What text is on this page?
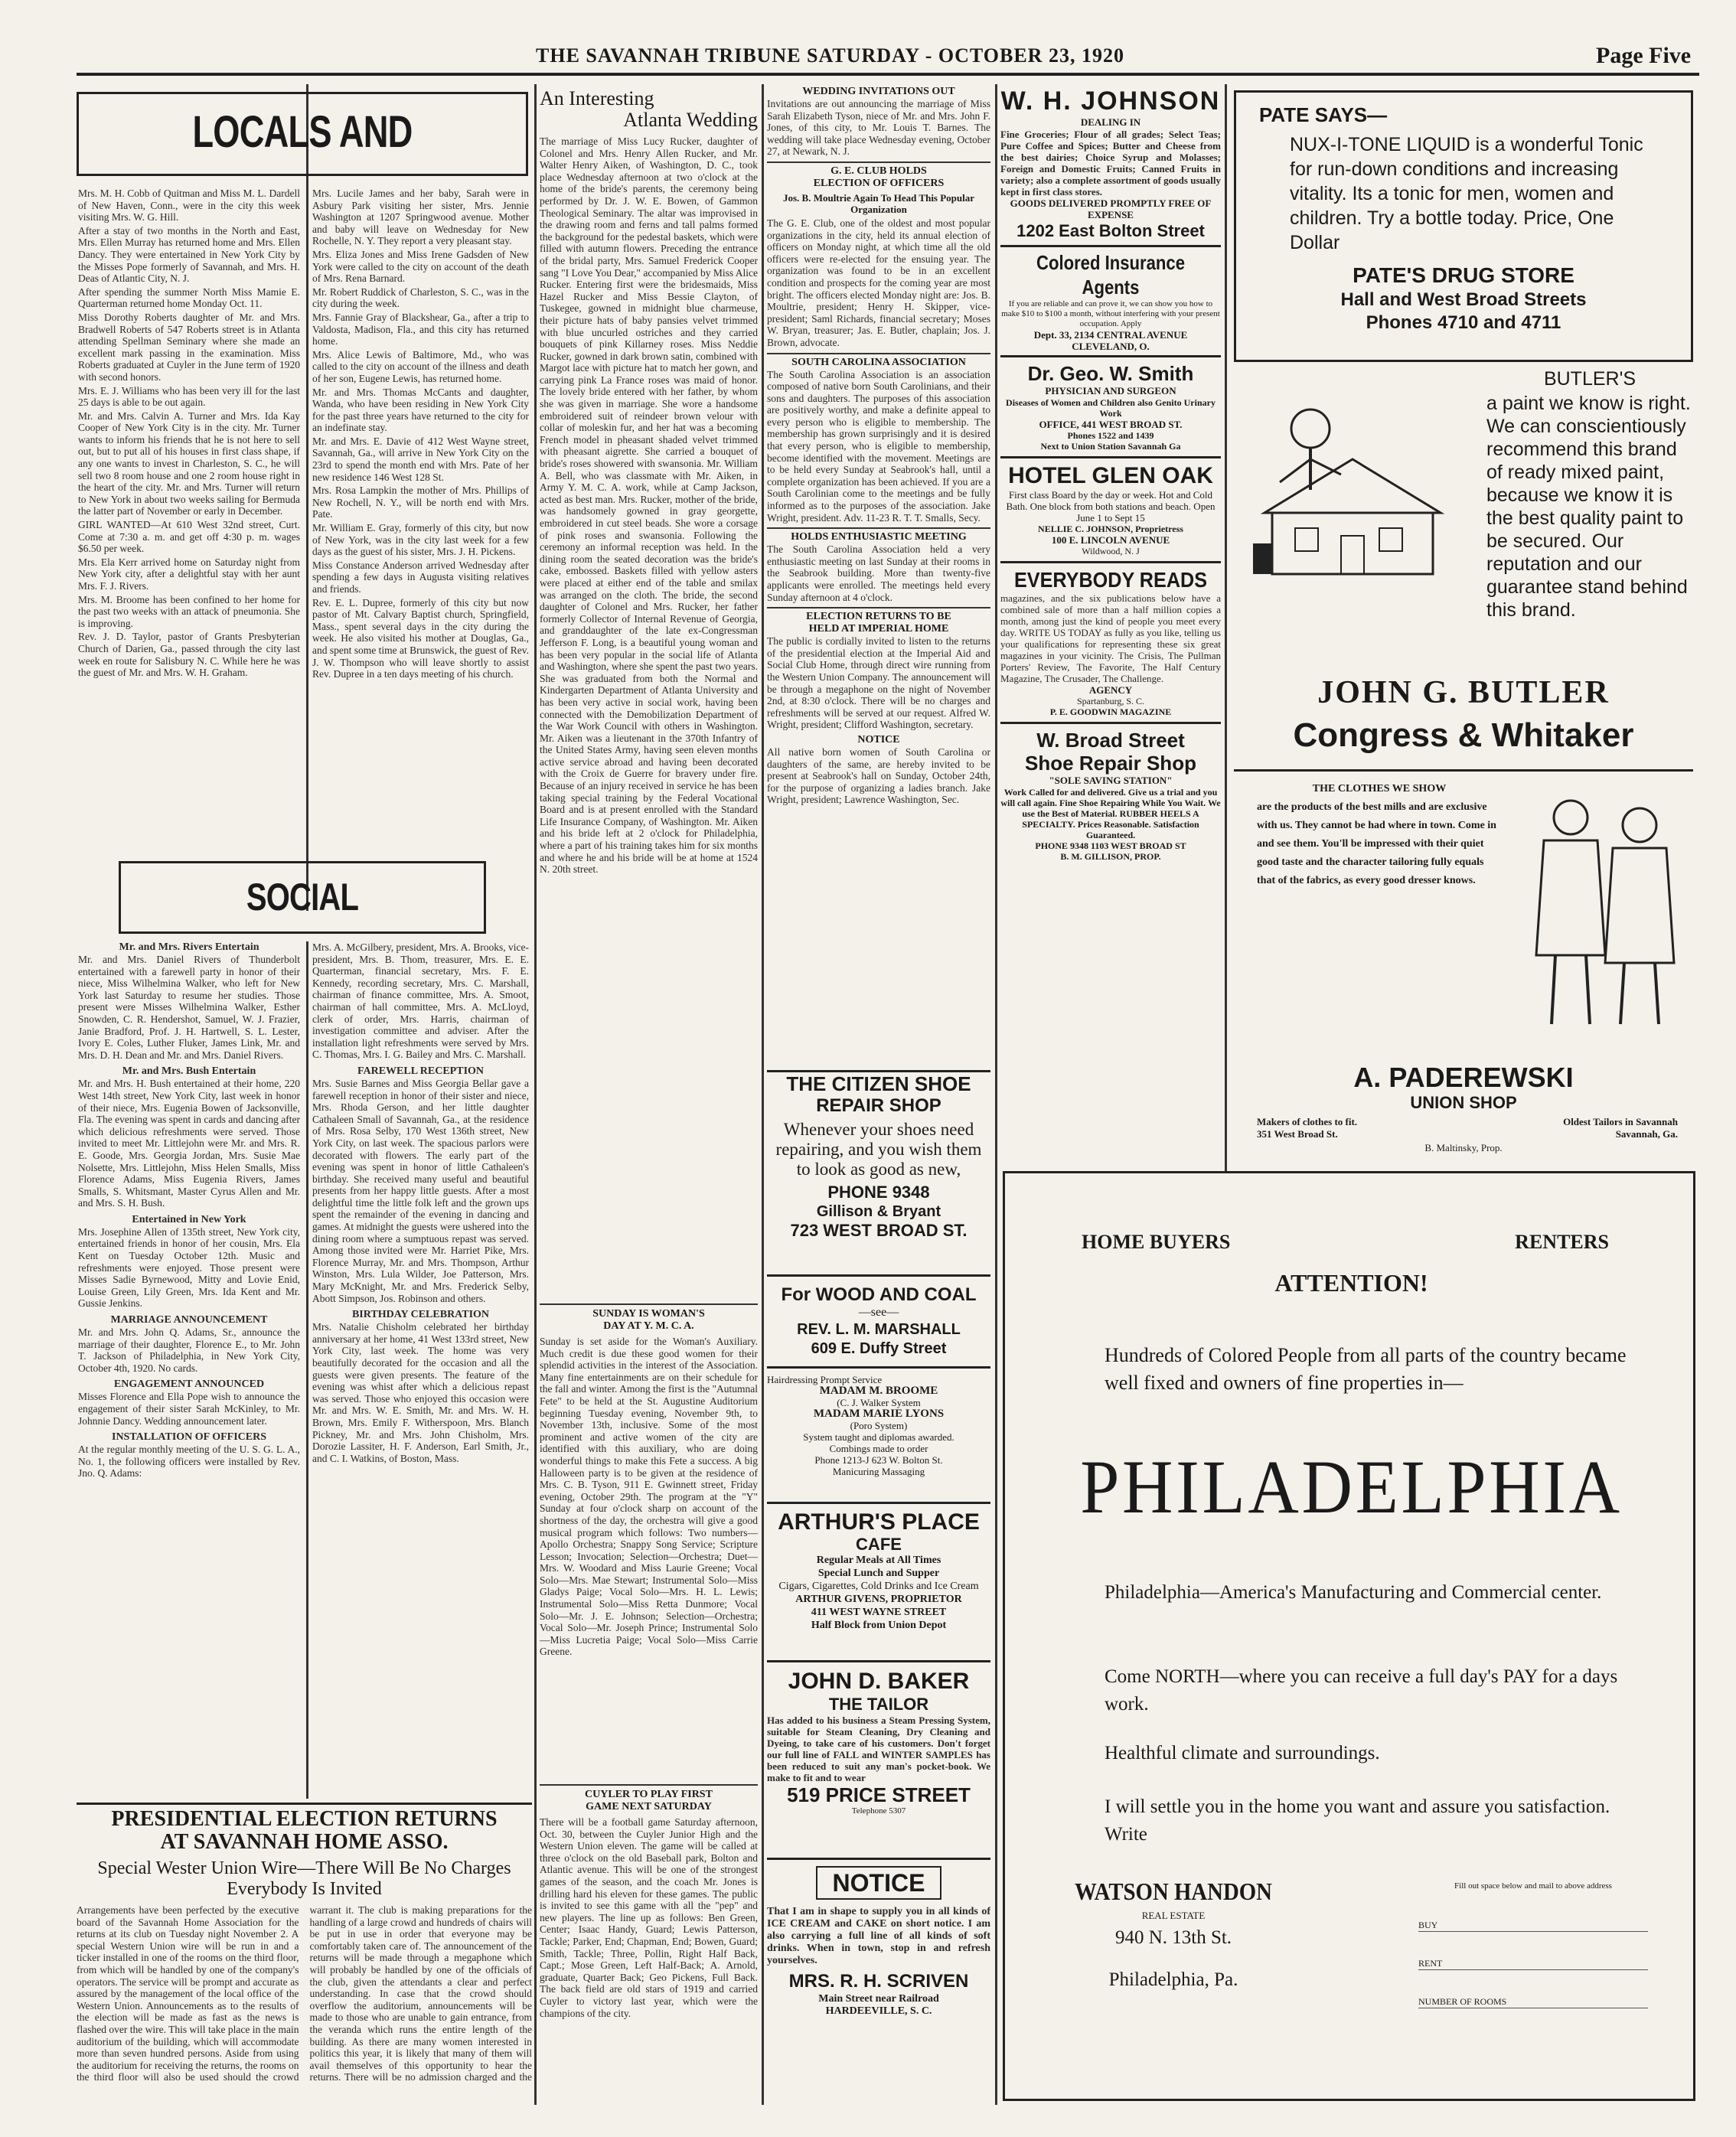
THE SAVANNAH TRIBUNE SATURDAY - OCTOBER 23, 1920	Page Five
LOCALS AND

Mrs. M. H. Cobb of Quitman and Miss M. L. Dardell of New Haven, Conn., were in the city this week visiting Mrs. W. G. Hill.

After a stay of two months in the North and East, Mrs. Ellen Murray has returned home and Mrs. Ellen Dancy. They were entertained in New York City by the Misses Pope formerly of Savannah, and Mrs. H. Deas of Atlantic City, N. J.

After spending the summer North Miss Mamie E. Quarterman returned home Monday Oct. 11.

Miss Dorothy Roberts daughter of Mr. and Mrs. Bradwell Roberts of 547 Roberts street is in Atlanta attending Spellman Seminary where she made an excellent mark passing in the examination. Miss Roberts graduated at Cuyler in the June term of 1920 with second honors.

Mrs. E. J. Williams who has been very ill for the last 25 days is able to be out again.

Mr. and Mrs. Calvin A. Turner and Mrs. Ida Kay Cooper of New York City is in the city. Mr. Turner wants to inform his friends that he is not here to sell out, but to put all of his houses in first class shape, if any one wants to invest in Charleston, S. C., he will sell two 8 room house and one 2 room house right in the heart of the city. Mr. and Mrs. Turner will return to New York in about two weeks sailing for Bermuda the latter part of November or early in December.

GIRL WANTED—At 610 West 32nd street, Curt. Come at 7:30 a. m. and get off 4:30 p. m. wages $6.50 per week.

Mrs. Ela Kerr arrived home on Saturday night from New York city, after a delightful stay with her aunt Mrs. F. J. Rivers.

Mrs. M. Broome has been confined to her home for the past two weeks with an attack of pneumonia. She is improving.

Rev. J. D. Taylor, pastor of Grants Presbyterian Church of Darien, Ga., passed through the city last week en route for Salisbury N. C. While here he was the guest of Mr. and Mrs. W. H. Graham.

Mrs. Lucile James and her baby, Sarah were in Asbury Park visiting her sister, Mrs. Jennie Washington at 1207 Springwood avenue. Mother and baby will leave on Wednesday for New Rochelle, N. Y. They report a very pleasant stay.

Mrs. Eliza Jones and Miss Irene Gadsden of New York were called to the city on account of the death of Mrs. Rena Barnard.

Mr. Robert Ruddick of Charleston, S. C., was in the city during the week.

Mrs. Fannie Gray of Blackshear, Ga., after a trip to Valdosta, Madison, Fla., and this city has returned home.

Mrs. Alice Lewis of Baltimore, Md., who was called to the city on account of the illness and death of her son, Eugene Lewis, has returned home.

Mr. and Mrs. Thomas McCants and daughter, Wanda, who have been residing in New York City for the past three years have returned to the city for an indefinate stay.

Mr. and Mrs. E. Davie of 412 West Wayne street, Savannah, Ga., will arrive in New York City on the 23rd to spend the month end with Mrs. Pate of her new residence 146 West 128 St.

Mrs. Rosa Lampkin the mother of Mrs. Phillips of New Rochell, N. Y., will be north end with Mrs. Pate.

Mr. William E. Gray, formerly of this city, but now of New York, was in the city last week for a few days as the guest of his sister, Mrs. J. H. Pickens.

Miss Constance Anderson arrived Wednesday after spending a few days in Augusta visiting relatives and friends.

Rev. E. L. Dupree, formerly of this city but now pastor of Mt. Calvary Baptist church, Springfield, Mass., spent several days in the city during the week. He also visited his mother at Douglas, Ga., and spent some time at Brunswick, the guest of Rev. J. W. Thompson who will leave shortly to assist Rev. Dupree in a ten days meeting of his church.

SOCIAL
Mr. and Mrs. Rivers Entertain

Mr. and Mrs. Daniel Rivers of Thunderbolt entertained with a farewell party in honor of their niece, Miss Wilhelmina Walker, who left for New York last Saturday to resume her studies. Those present were Misses Wilhelmina Walker, Esther Snowden, C. R. Hendershot, Samuel, W. J. Frazier, Janie Bradford, Prof. J. H. Hartwell, S. L. Lester, Ivory E. Coles, Luther Fluker, James Link, Mr. and Mrs. D. H. Dean and Mr. and Mrs. Daniel Rivers.

Mr. and Mrs. Bush Entertain

Mr. and Mrs. H. Bush entertained at their home, 220 West 14th street, New York City, last week in honor of their niece, Mrs. Eugenia Bowen of Jacksonville, Fla. The evening was spent in cards and dancing after which delicious refreshments were served. Those invited to meet Mr. Littlejohn were Mr. and Mrs. R. E. Goode, Mrs. Georgia Jordan, Mrs. Susie Mae Nolsette, Mrs. Littlejohn, Miss Helen Smalls, Miss Florence Adams, Miss Eugenia Rivers, James Smalls, S. Whitsmant, Master Cyrus Allen and Mr. and Mrs. S. H. Bush.

Entertained in New York

Mrs. Josephine Allen of 135th street, New York city, entertained friends in honor of her cousin, Mrs. Ela Kent on Tuesday October 12th. Music and refreshments were enjoyed. Those present were Misses Sadie Byrnewood, Mitty and Lovie Enid, Louise Green, Lily Green, Mrs. Ida Kent and Mr. Gussie Jenkins.

MARRIAGE ANNOUNCEMENT

Mr. and Mrs. John Q. Adams, Sr., announce the marriage of their daughter, Florence E., to Mr. John T. Jackson of Philadelphia, in New York City, October 4th, 1920. No cards.

ENGAGEMENT ANNOUNCED

Misses Florence and Ella Pope wish to announce the engagement of their sister Sarah McKinley, to Mr. Johnnie Dancy. Wedding announcement later.

INSTALLATION OF OFFICERS

At the regular monthly meeting of the U. S. G. L. A., No. 1, the following officers were installed by Rev. Jno. Q. Adams:

Mrs. A. McGilbery, president, Mrs. A. Brooks, vice-president, Mrs. B. Thom, treasurer, Mrs. E. E. Quarterman, financial secretary, Mrs. F. E. Kennedy, recording secretary, Mrs. C. Marshall, chairman of finance committee, Mrs. A. Smoot, chairman of hall committee, Mrs. A. McLloyd, clerk of order, Mrs. Harris, chairman of investigation committee and adviser. After the installation light refreshments were served by Mrs. C. Thomas, Mrs. I. G. Bailey and Mrs. C. Marshall.

FAREWELL RECEPTION

Mrs. Susie Barnes and Miss Georgia Bellar gave a farewell reception in honor of their sister and niece, Mrs. Rhoda Gerson, and her little daughter Cathaleen Small of Savannah, Ga., at the residence of Mrs. Rosa Selby, 170 West 136th street, New York City, on last week. The spacious parlors were decorated with flowers. The early part of the evening was spent in honor of little Cathaleen's birthday. She received many useful and beautiful presents from her happy little guests. After a most delightful time the little folk left and the grown ups spent the remainder of the evening in dancing and games. At midnight the guests were ushered into the dining room where a sumptuous repast was served. Among those invited were Mr. Harriet Pike, Mrs. Florence Murray, Mr. and Mrs. Thompson, Arthur Winston, Mrs. Lula Wilder, Joe Patterson, Mrs. Mary McKnight, Mr. and Mrs. Frederick Selby, Abott Simpson, Jos. Robinson and others.

BIRTHDAY CELEBRATION

Mrs. Natalie Chisholm celebrated her birthday anniversary at her home, 41 West 133rd street, New York City, last week. The home was very beautifully decorated for the occasion and all the guests were given presents. The feature of the evening was whist after which a delicious repast was served. Those who enjoyed this occasion were Mr. and Mrs. W. E. Smith, Mr. and Mrs. W. H. Brown, Mrs. Emily F. Witherspoon, Mrs. Blanch Pickney, Mr. and Mrs. John Chisholm, Mrs. Dorozie Lassiter, H. F. Anderson, Earl Smith, Jr., and C. I. Watkins, of Boston, Mass.

PRESIDENTIAL ELECTION RETURNS
AT SAVANNAH HOME ASSO.
Special Wester Union Wire—There Will Be No Charges Everybody Is Invited
Arrangements have been perfected by the executive board of the Savannah Home Association for the returns at its club on Tuesday night November 2. A special Western Union wire will be run in and a ticker installed in one of the rooms on the third floor, from which will be handled by one of the company's operators. The service will be prompt and accurate as assured by the management of the local office of the Western Union. Announcements as to the results of the election will be made as fast as the news is flashed over the wire. This will take place in the main auditorium of the building, which will accommodate more than seven hundred persons. Aside from using the auditorium for receiving the returns, the rooms on the third floor will also be used should the crowd warrant it. The club is making preparations for the handling of a large crowd and hundreds of chairs will be put in use in order that everyone may be comfortably taken care of. The announcement of the returns will be made through a megaphone which will probably be handled by one of the officials of the club, given the attendants a clear and perfect understanding. In case that the crowd should overflow the auditorium, announcements will be made to those who are unable to gain entrance, from the veranda which runs the entire length of the building. As there are many women interested in politics this year, it is likely that many of them will avail themselves of this opportunity to hear the returns. There will be no admission charged and the
An Interesting
Atlanta Wedding
The marriage of Miss Lucy Rucker, daughter of Colonel and Mrs. Henry Allen Rucker, and Mr. Walter Henry Aiken, of Washington, D. C., took place Wednesday afternoon at two o'clock at the home of the bride's parents, the ceremony being performed by Dr. J. W. E. Bowen, of Gammon Theological Seminary. The altar was improvised in the drawing room and ferns and tall palms formed the background for the pedestal baskets, which were filled with autumn flowers. Preceding the entrance of the bridal party, Mrs. Samuel Frederick Cooper sang "I Love You Dear," accompanied by Miss Alice Rucker. Entering first were the bridesmaids, Miss Hazel Rucker and Miss Bessie Clayton, of Tuskegee, gowned in midnight blue charmeuse, their picture hats of baby pansies velvet trimmed with blue uncurled ostriches and they carried bouquets of pink Killarney roses. Miss Neddie Rucker, gowned in dark brown satin, combined with Margot lace with picture hat to match her gown, and carrying pink La France roses was maid of honor. The lovely bride entered with her father, by whom she was given in marriage. She wore a handsome embroidered suit of reindeer brown velour with collar of moleskin fur, and her hat was a becoming French model in pheasant shaded velvet trimmed with pheasant aigrette. She carried a bouquet of bride's roses showered with swansonia. Mr. William A. Bell, who was classmate with Mr. Aiken, in Army Y. M. C. A. work, while at Camp Jackson, acted as best man. Mrs. Rucker, mother of the bride, was handsomely gowned in gray georgette, embroidered in cut steel beads. She wore a corsage of pink roses and swansonia. Following the ceremony an informal reception was held. In the dining room the seated decoration was the bride's cake, embossed. Baskets filled with yellow asters were placed at either end of the table and smilax was arranged on the cloth. The bride, the second daughter of Colonel and Mrs. Rucker, her father formerly Collector of Internal Revenue of Georgia, and granddaughter of the late ex-Congressman Jefferson F. Long, is a beautiful young woman and has been very popular in the social life of Atlanta and Washington, where she spent the past two years. She was graduated from both the Normal and Kindergarten Department of Atlanta University and has been very active in social work, having been connected with the Demobilization Department of the War Work Council with others in Washington. Mr. Aiken was a lieutenant in the 370th Infantry of the United States Army, having seen eleven months active service abroad and having been decorated with the Croix de Guerre for bravery under fire. Because of an injury received in service he has been taking special training by the Federal Vocational Board and is at present enrolled with the Standard Life Insurance Company, of Washington. Mr. Aiken and his bride left at 2 o'clock for Philadelphia, where a part of his training takes him for six months and where he and his bride will be at home at 1524 N. 20th street.
SUNDAY IS WOMAN'S
DAY AT Y. M. C. A.
Sunday is set aside for the Woman's Auxiliary. Much credit is due these good women for their splendid activities in the interest of the Association. Many fine entertainments are on their schedule for the fall and winter. Among the first is the "Autumnal Fete" to be held at the St. Augustine Auditorium beginning Tuesday evening, November 9th, to November 13th, inclusive. Some of the most prominent and active women of the city are identified with this auxiliary, who are doing wonderful things to make this Fete a success. A big Halloween party is to be given at the residence of Mrs. C. B. Tyson, 911 E. Gwinnett street, Friday evening, October 29th. The program at the "Y" Sunday at four o'clock sharp on account of the shortness of the day, the orchestra will give a good musical program which follows: Two numbers—Apollo Orchestra; Snappy Song Service; Scripture Lesson; Invocation; Selection—Orchestra; Duet—Mrs. W. Woodard and Miss Laurie Greene; Vocal Solo—Mrs. Mae Stewart; Instrumental Solo—Miss Gladys Paige; Vocal Solo—Mrs. H. L. Lewis; Instrumental Solo—Miss Retta Dunmore; Vocal Solo—Mr. J. E. Johnson; Selection—Orchestra; Vocal Solo—Mr. Joseph Prince; Instrumental Solo—Miss Lucretia Paige; Vocal Solo—Miss Carrie Greene.
CUYLER TO PLAY FIRST
GAME NEXT SATURDAY
There will be a football game Saturday afternoon, Oct. 30, between the Cuyler Junior High and the Western Union eleven. The game will be called at three o'clock on the old Baseball park, Bolton and Atlantic avenue. This will be one of the strongest games of the season, and the coach Mr. Jones is drilling hard his eleven for these games. The public is invited to see this game with all the "pep" and new players. The line up as follows: Ben Green, Center; Isaac Handy, Guard; Lewis Patterson, Tackle; Parker, End; Chapman, End; Bowen, Guard; Smith, Tackle; Three, Pollin, Right Half Back, Capt.; Mose Green, Left Half-Back; A. Arnold, graduate, Quarter Back; Geo Pickens, Full Back. The back field are old stars of 1919 and carried Cuyler to victory last year, which were the champions of the city.
WEDDING INVITATIONS OUT
Invitations are out announcing the marriage of Miss Sarah Elizabeth Tyson, niece of Mr. and Mrs. John F. Jones, of this city, to Mr. Louis T. Barnes. The wedding will take place Wednesday evening, October 27, at Newark, N. J.
G. E. CLUB HOLDS
ELECTION OF OFFICERS
Jos. B. Moultrie Again To Head This Popular Organization
The G. E. Club, one of the oldest and most popular organizations in the city, held its annual election of officers on Monday night, at which time all the old officers were re-elected for the ensuing year. The organization was found to be in an excellent condition and prospects for the coming year are most bright. The officers elected Monday night are: Jos. B. Moultrie, president; Henry H. Skipper, vice-president; Saml Richards, financial secretary; Moses W. Bryan, treasurer; Jas. E. Butler, chaplain; Jos. J. Brown, advocate.
SOUTH CAROLINA ASSOCIATION
The South Carolina Association is an association composed of native born South Carolinians, and their sons and daughters. The purposes of this association are positively worthy, and make a definite appeal to every person who is eligible to membership. The membership has grown surprisingly and it is desired that every person, who is eligible to membership, become identified with the movement. Meetings are to be held every Sunday at Seabrook's hall, until a complete organization has been achieved. If you are a South Carolinian come to the meetings and be fully informed as to the purposes of the association. Jake Wright, president. Adv. 11-23 R. T. T. Smalls, Secy.
HOLDS ENTHUSIASTIC MEETING
The South Carolina Association held a very enthusiastic meeting on last Sunday at their rooms in the Seabrook building. More than twenty-five applicants were enrolled. The meetings held every Sunday afternoon at 4 o'clock.
ELECTION RETURNS TO BE
HELD AT IMPERIAL HOME
The public is cordially invited to listen to the returns of the presidential election at the Imperial Aid and Social Club Home, through direct wire running from the Western Union Company. The announcement will be through a megaphone on the night of November 2nd, at 8:30 o'clock. There will be no charges and refreshments will be served at our request. Alfred W. Wright, president; Clifford Washington, secretary.
NOTICE
All native born women of South Carolina or daughters of the same, are hereby invited to be present at Seabrook's hall on Sunday, October 24th, for the purpose of organizing a ladies branch. Jake Wright, president; Lawrence Washington, Sec.
THE CITIZEN SHOE
REPAIR SHOP
Whenever your shoes need repairing, and you wish them to look as good as new,
PHONE 9348
Gillison & Bryant
723 WEST BROAD ST.
For WOOD AND COAL
—see—
REV. L. M. MARSHALL
609 E. Duffy Street
Hairdressing Prompt Service
MADAM M. BROOME
(C. J. Walker System
MADAM MARIE LYONS
(Poro System)
System taught and diplomas awarded.
Combings made to order
Phone 1213-J 623 W. Bolton St.
Manicuring Massaging
ARTHUR'S PLACE
CAFE
Regular Meals at All Times
Special Lunch and Supper
Cigars, Cigarettes, Cold Drinks and Ice Cream
ARTHUR GIVENS, PROPRIETOR
411 WEST WAYNE STREET
Half Block from Union Depot
JOHN D. BAKER
THE TAILOR
Has added to his business a Steam Pressing System, suitable for Steam Cleaning, Dry Cleaning and Dyeing, to take care of his customers. Don't forget our full line of FALL and WINTER SAMPLES has been reduced to suit any man's pocket-book. We make to fit and to wear
519 PRICE STREET
Telephone 5307
NOTICE
That I am in shape to supply you in all kinds of ICE CREAM and CAKE on short notice. I am also carrying a full line of all kinds of soft drinks. When in town, stop in and refresh yourselves.
MRS. R. H. SCRIVEN
Main Street near Railroad
HARDEEVILLE, S. C.
W. H. JOHNSON
DEALING IN
Fine Groceries; Flour of all grades; Select Teas; Pure Coffee and Spices; Butter and Cheese from the best dairies; Choice Syrup and Molasses; Foreign and Domestic Fruits; Canned Fruits in variety; also a complete assortment of goods usually kept in first class stores.
GOODS DELIVERED PROMPTLY FREE OF EXPENSE
1202 East Bolton Street
Colored Insurance Agents
If you are reliable and can prove it, we can show you how to make $10 to $100 a month, without interfering with your present occupation. Apply
Dept. 33, 2134 CENTRAL AVENUE
CLEVELAND, O.
Dr. Geo. W. Smith
PHYSICIAN AND SURGEON
Diseases of Women and Children also Genito Urinary Work
OFFICE, 441 WEST BROAD ST.
Phones 1522 and 1439
Next to Union Station Savannah Ga
HOTEL GLEN OAK
First class Board by the day or week. Hot and Cold Bath. One block from both stations and beach. Open June 1 to Sept 15
NELLIE C. JOHNSON, Proprietress
100 E. LINCOLN AVENUE
Wildwood, N. J
EVERYBODY READS
magazines, and the six publications below have a combined sale of more than a half million copies a month, among just the kind of people you meet every day. WRITE US TODAY as fully as you like, telling us your qualifications for representing these six great magazines in your vicinity. The Crisis, The Pullman Porters' Review, The Favorite, The Half Century Magazine, The Crusader, The Challenge.
AGENCY
Spartanburg, S. C.
P. E. GOODWIN MAGAZINE
W. Broad Street
Shoe Repair Shop
"SOLE SAVING STATION"
Work Called for and delivered. Give us a trial and you will call again. Fine Shoe Repairing While You Wait. We use the Best of Material. RUBBER HEELS A SPECIALTY. Prices Reasonable. Satisfaction Guaranteed.
PHONE 9348 1103 WEST BROAD ST
B. M. GILLISON, PROP.
PATE SAYS—
NUX-I-TONE LIQUID is a wonderful Tonic for run-down conditions and increasing vitality. Its a tonic for men, women and children. Try a bottle today. Price, One Dollar
PATE'S DRUG STORE
Hall and West Broad Streets
Phones 4710 and 4711
BUTLER'S
a paint we know is right. We can conscientiously recommend this brand of ready mixed paint, because we know it is the best quality paint to be secured. Our reputation and our guarantee stand behind this brand.
JOHN G. BUTLER
Congress & Whitaker
THE CLOTHES WE SHOW
are the products of the best mills and are exclusive with us. They cannot be had where in town. Come in and see them. You'll be impressed with their quiet good taste and the character tailoring fully equals that of the fabrics, as every good dresser knows.
A. PADEREWSKI
UNION SHOP
Makers of clothes to fit.
351 West Broad St.
Oldest Tailors in Savannah
Savannah, Ga.
B. Maltinsky, Prop.
HOME BUYERS	RENTERS
ATTENTION!
Hundreds of Colored People from all parts of the country became well fixed and owners of fine properties in—
PHILADELPHIA
Philadelphia—America's Manufacturing and Commercial center.
Come NORTH—where you can receive a full day's PAY for a days work.
Healthful climate and surroundings.
I will settle you in the home you want and assure you satisfaction. Write
WATSON HANDON
REAL ESTATE
940 N. 13th St.
Philadelphia, Pa.
Fill out space below and mail to above address
BUY
RENT
NUMBER OF ROOMS
